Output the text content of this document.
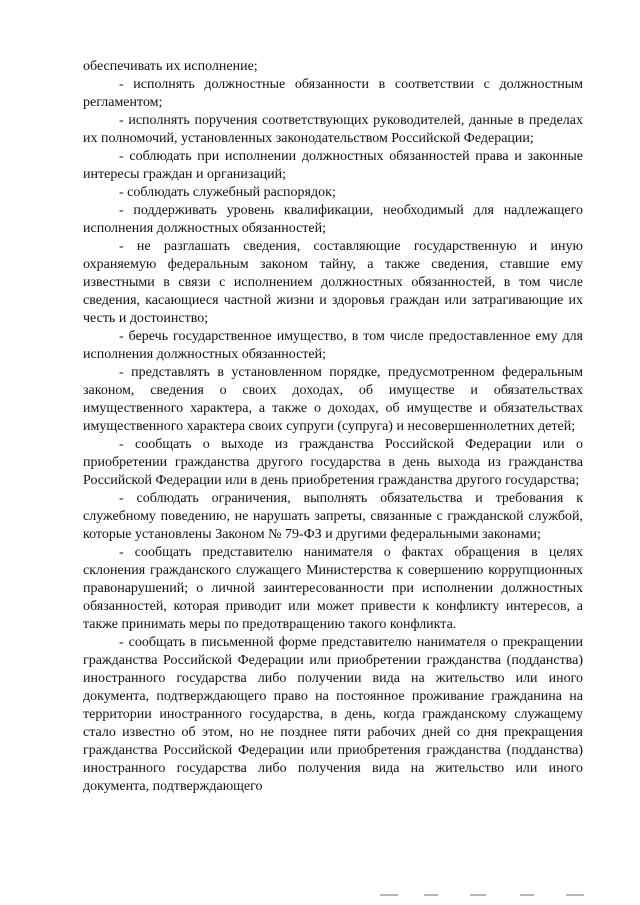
обеспечивать их исполнение;

- исполнять должностные обязанности в соответствии с должностным регламентом;

- исполнять поручения соответствующих руководителей, данные в пределах их полномочий, установленных законодательством Российской Федерации;

- соблюдать при исполнении должностных обязанностей права и законные интересы граждан и организаций;

- соблюдать служебный распорядок;

- поддерживать уровень квалификации, необходимый для надлежащего исполнения должностных обязанностей;

- не разглашать сведения, составляющие государственную и иную охраняемую федеральным законом тайну, а также сведения, ставшие ему известными в связи с исполнением должностных обязанностей, в том числе сведения, касающиеся частной жизни и здоровья граждан или затрагивающие их честь и достоинство;

- беречь государственное имущество, в том числе предоставленное ему для исполнения должностных обязанностей;

- представлять в установленном порядке, предусмотренном федеральным законом, сведения о своих доходах, об имуществе и обязательствах имущественного характера, а также о доходах, об имуществе и обязательствах имущественного характера своих супруги (супруга) и несовершеннолетних детей;

- сообщать о выходе из гражданства Российской Федерации или о приобретении гражданства другого государства в день выхода из гражданства Российской Федерации или в день приобретения гражданства другого государства;

- соблюдать ограничения, выполнять обязательства и требования к служебному поведению, не нарушать запреты, связанные с гражданской службой, которые установлены Законом № 79-ФЗ и другими федеральными законами;

- сообщать представителю нанимателя о фактах обращения в целях склонения гражданского служащего Министерства к совершению коррупционных правонарушений; о личной заинтересованности при исполнении должностных обязанностей, которая приводит или может привести к конфликту интересов, а также принимать меры по предотвращению такого конфликта.

- сообщать в письменной форме представителю нанимателя о прекращении гражданства Российской Федерации или приобретении гражданства (подданства) иностранного государства либо получении вида на жительство или иного документа, подтверждающего право на постоянное проживание гражданина на территории иностранного государства, в день, когда гражданскому служащему стало известно об этом, но не позднее пяти рабочих дней со дня прекращения гражданства Российской Федерации или приобретения гражданства (подданства) иностранного государства либо получения вида на жительство или иного документа, подтверждающего
